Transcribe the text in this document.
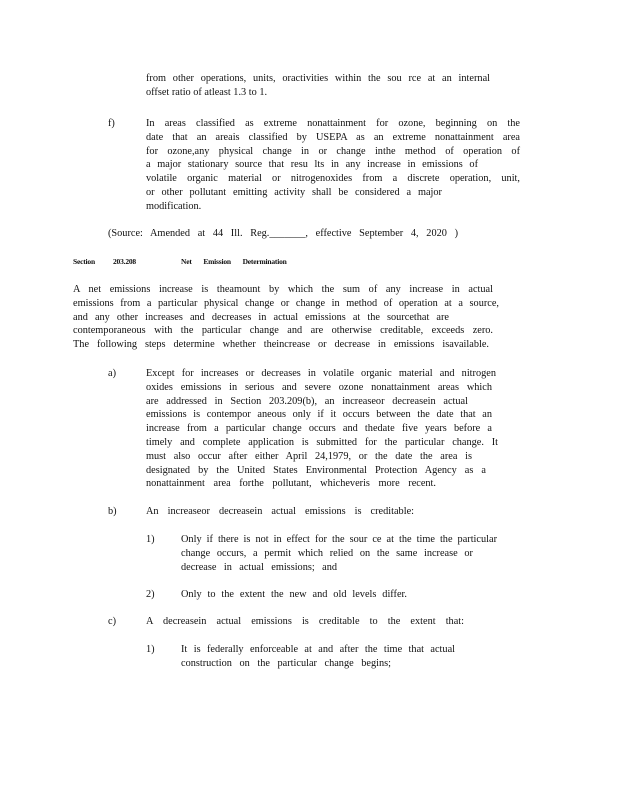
from other operations, units, oractivities within the sou rce at an internal
offset ratio of atleast 1.3 to 1.
f)	In areas classified as extreme nonattainment for ozone, beginning on the
date that an areais classified by USEPA as an extreme nonattainment area
for ozone,any physical change in or change inthe method of operation of
a major stationary source that resu lts in any increase in emissions of
volatile organic material or nitrogenoxides from a discrete operation, unit,
or other pollutant emitting activity shall be considered a major
modification.
(Source: Amended at 44 Ill. Reg._______, effective September 4, 2020 )
Section 203.208	Net Emission Determination
A net emissions increase is theamount by which the sum of any increase in actual
emissions from a particular physical change or change in method of operation at a source,
and any other increases and decreases in actual emissions at the sourcethat are
contemporaneous with the particular change and are otherwise creditable, exceeds zero.
The following steps determine whether theincrease or decrease in emissions isavailable.
a)	Except for increases or decreases in volatile organic material and nitrogen
oxides emissions in serious and severe ozone nonattainment areas which
are addressed in Section 203.209(b), an increaseor decreasein actual
emissions is contempor aneous only if it occurs between the date that an
increase from a particular change occurs and thedate five years before a
timely and complete application is submitted for the particular change. It
must also occur after either April 24,1979, or the date the area is
designated by the United States Environmental Protection Agency as a
nonattainment area forthe pollutant, whicheveris more recent.
b)	An increaseor decreasein actual emissions is creditable:
1)	Only if there is not in effect for the sour ce at the time the particular
change occurs, a permit which relied on the same increase or
decrease in actual emissions; and
2)	Only to the extent the new and old levels differ.
c)	A decreasein actual emissions is creditable to the extent that:
1)	It is federally enforceable at and after the time that actual
construction on the particular change begins;
